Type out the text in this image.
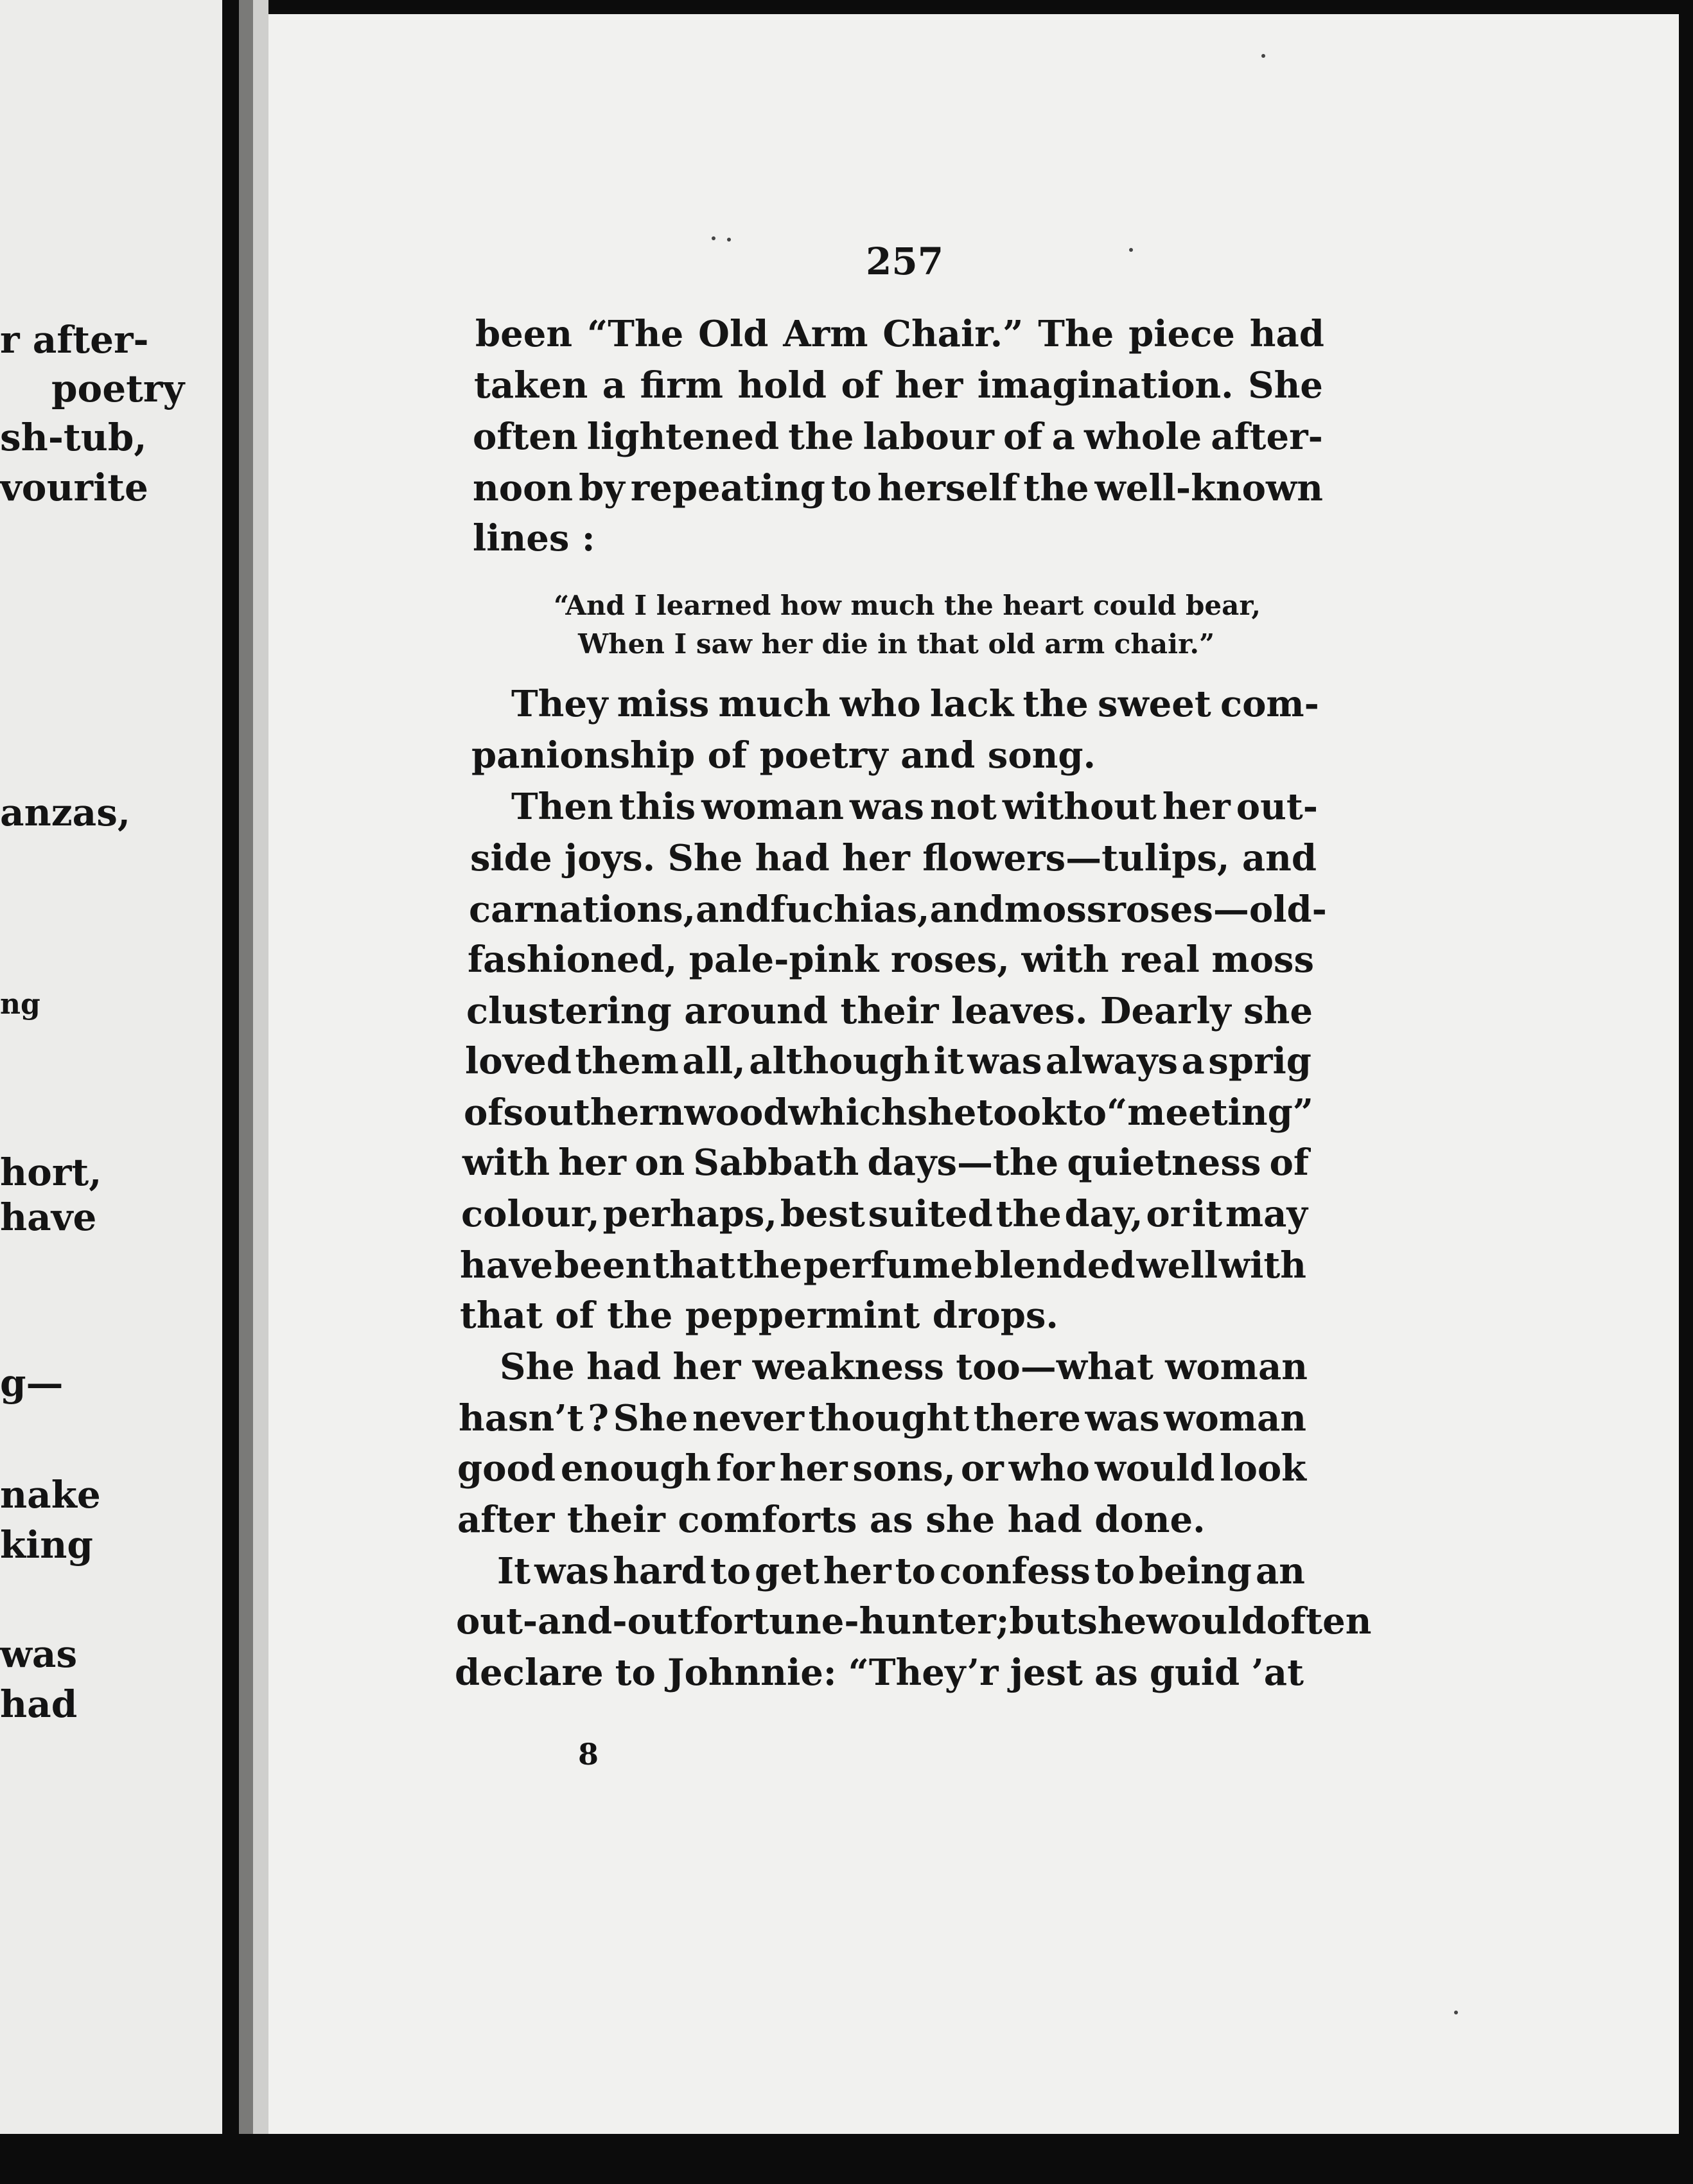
r after-
poetry
sh-tub,
vourite
anzas,
ng
hort,
have
g—
nake
king
was
had
257
been “The Old Arm Chair.” The piece had
taken a firm hold of her imagination. She
often lightened the labour of a whole after-
noon by repeating to herself the well-known
lines :
“And I learned how much the heart could bear,
When I saw her die in that old arm chair.”
They miss much who lack the sweet com-
panionship of poetry and song.
Then this woman was not without her out-
side joys. She had her flowers—tulips, and
carnations, and fuchias, and moss roses—old-
fashioned, pale-pink roses, with real moss
clustering around their leaves. Dearly she
loved them all, although it was always a sprig
of southernwood which she took to “meeting”
with her on Sabbath days—the quietness of
colour, perhaps, best suited the day, or it may
have been that the perfume blended well with
that of the peppermint drops.
She had her weakness too—what woman
hasn’t ? She never thought there was woman
good enough for her sons, or who would look
after their comforts as she had done.
It was hard to get her to confess to being an
out-and-out fortune-hunter; but she would often
declare to Johnnie: “They’r jest as guid ’at
8
